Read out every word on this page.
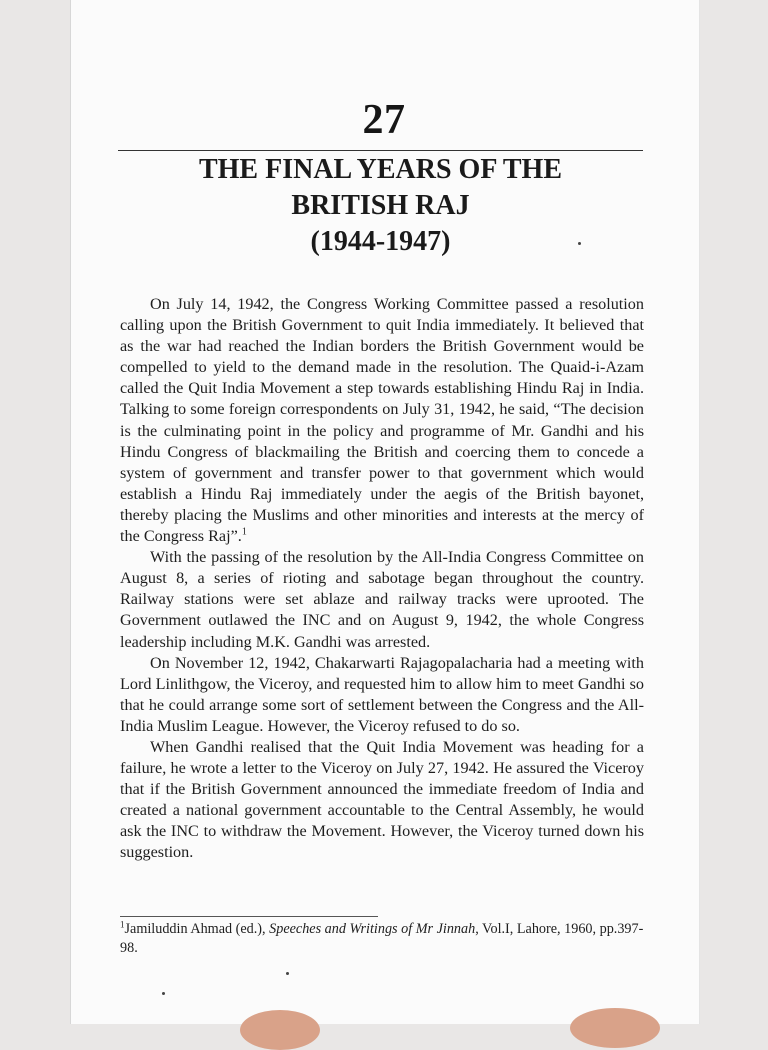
27
THE FINAL YEARS OF THE
BRITISH RAJ
(1944-1947)

On July 14, 1942, the Congress Working Committee passed a resolution calling upon the British Government to quit India immediately. It believed that as the war had reached the Indian borders the British Government would be compelled to yield to the demand made in the resolution. The Quaid-i-Azam called the Quit India Movement a step towards establishing Hindu Raj in India. Talking to some foreign correspondents on July 31, 1942, he said, “The decision is the culminating point in the policy and programme of Mr. Gandhi and his Hindu Congress of blackmailing the British and coercing them to concede a system of government and transfer power to that government which would establish a Hindu Raj immediately under the aegis of the British bayonet, thereby placing the Muslims and other minorities and interests at the mercy of the Congress Raj”.$^1$

With the passing of the resolution by the All-India Congress Committee on August 8, a series of rioting and sabotage began throughout the country. Railway stations were set ablaze and railway tracks were uprooted. The Government outlawed the INC and on August 9, 1942, the whole Congress leadership including M.K. Gandhi was arrested.

On November 12, 1942, Chakarwarti Rajagopalacharia had a meeting with Lord Linlithgow, the Viceroy, and requested him to allow him to meet Gandhi so that he could arrange some sort of settlement between the Congress and the All-India Muslim League. However, the Viceroy refused to do so.

When Gandhi realised that the Quit India Movement was heading for a failure, he wrote a letter to the Viceroy on July 27, 1942. He assured the Viceroy that if the British Government announced the immediate freedom of India and created a national government accountable to the Central Assembly, he would ask the INC to withdraw the Movement. However, the Viceroy turned down his suggestion.

$^1$Jamiluddin Ahmad (ed.), Speeches and Writings of Mr Jinnah, Vol.I, Lahore, 1960, pp.397-98.
